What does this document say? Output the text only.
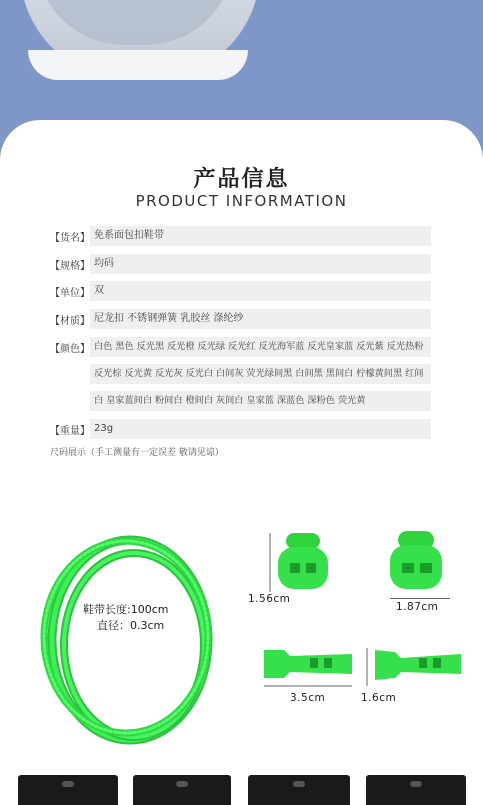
产品信息
PRODUCT INFORMATION
【货名】 免系面包扣鞋带
【规格】 均码
【单位】 双
【材质】 尼龙扣 不锈钢弹簧 乳胶丝 涤纶纱
【颜色】 白色 黑色 反光黑 反光橙 反光绿 反光红 反光海军蓝 反光皇家蓝 反光紫 反光热粉
反光棕 反光黄 反光灰 反光白 白间灰 荧光绿间黑 白间黑 黑间白 柠檬黄间黑 红间
白 皇家蓝间白 粉间白 橙间白 灰间白 皇家蓝 深蓝色 深粉色 荧光黄
【重量】 23g
尺码展示（手工测量有一定误差 敬请见谅）
鞋带长度:100cm
直径：0.3cm
1.56cm
1.87cm
3.5cm	1.6cm
